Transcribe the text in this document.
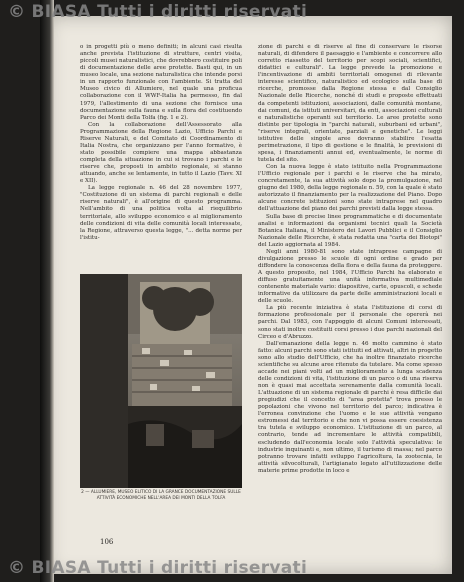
© BIASA Tutti i diritti riservati

o in progetti più o meno definiti; in alcuni casi risulta anche prevista l'istituzione di strutture, centri visita, piccoli musei naturalistici, che dovrebbero costituire poli di documentazione delle aree protette. Basti qui, in un museo locale, una sezione naturalistica che intende porsi in un rapporto funzionale con l'ambiente. Si tratta del Museo civico di Allumiere, nel quale una proficua collaborazione con il WWF-Italia ha permesso, fin dal 1979, l'allestimento di una sezione che fornisce una documentazione sulla fauna e sulla flora del costituendo Parco dei Monti della Tolfa (fig. 1 e 2).

Con la collaborazione dell'Assessorato alla Programmazione della Regione Lazio, Ufficio Parchi e Riserve Naturali, e del Comitato di Coordinamento di Italia Nostra, che organizzano per l'anno formativo, è stato possibile compiere una mappa abbastanza completa della situazione in cui si trovano i parchi e le riserve che, proposti in ambito regionale, si stanno attuando, anche se lentamente, in tutto il Lazio (Tavv. XI e XII).

La legge regionale n. 46 del 28 novembre 1977, "Costituzione di un sistema di parchi regionali e delle riserve naturali", è all'origine di questo programma. Nell'ambito di una politica volta al riequilibrio territoriale, allo sviluppo economico e al miglioramento delle condizioni di vita delle comunità locali interessate, la Regione, attraverso questa legge, "... detta norme per l'istitu-

2 — ALLUMIERE, MUSEO ELITICO DI LA GRANCE DOCUMENTAZIONE SULLE ATTIVITÀ ECONOMICHE NELL'AREA DEI MONTI DELLA TOLFA

zione di parchi e di riserve al fine di conservare le risorse naturali, di difendere il paesaggio e l'ambiente e concorrere allo corretto riassetto del territorio per scopi sociali, scientifici, didattici e culturali". La legge prevede la promozione e l'incentivazione di ambiti territoriali omogenei di rilevante interesse scientifico, naturalistico ed ecologico sulla base di ricerche, promosse dalla Regione stessa e dal Consiglio Nazionale delle Ricerche, nonché di studi e proposte effettuati da competenti istituzioni, associazioni, dalle comunità montane, dai comuni, da istituti universitari, da enti, associazioni culturali e naturalistiche operanti sul territorio. Le aree protette sono distinte per tipologia in "parchi naturali, suburbani ed urbani", "riserve integrali, orientate, parziali e genetiche". Le leggi istitutive delle singole aree dovranno stabilire l'esatta perimetrazione, il tipo di gestione e le finalità, le previsioni di spesa, i finanziamenti annui ed, eventualmente, le norme di tutela del sito.

Con la nuova legge è stato istituito nella Programmazione l'Ufficio regionale per i parchi e le riserve che ha mirato, concretamente, la sua attività solo dopo la promulgazione, nel giugno del 1980, della legge regionale n. 59, con la quale è stato autorizzato il finanziamento per la realizzazione del Piano. Dopo alcune concrete istituzioni sono state intraprese nel quadro dell'attuazione del piano dei parchi previsti dalla legge stessa.

Sulla base di precise linee programmatiche e di documentate analisi e informazioni da organismi tecnici quali la Società Botanica Italiana, il Ministero dei Lavori Pubblici e il Consiglio Nazionale delle Ricerche, è stata redatta una "carta dei Biotopi" del Lazio aggiornata al 1984.

Negli anni 1980-81 sono state intraprese campagne di divulgazione presso le scuole di ogni ordine e grado per diffondere la conoscenza della flora e della fauna da proteggere. A questo proposito, nel 1984, l'Ufficio Parchi ha elaborato e diffuso gratuitamente una unità informativa multimediale contenente materiale vario: diapositive, carte, opuscoli, e schede informative da utilizzare da parte delle amministrazioni locali e delle scuole.

La più recente iniziativa è stata l'istituzione di corsi di formazione professionale per il personale che opererà nei parchi. Dal 1983, con l'appoggio di alcuni Comuni interessati, sono stati inoltre costituiti corsi presso i due parchi nazionali del Circeo e d'Abruzzo.

Dall'emanazione della legge n. 46 molto cammino è stato fatto: alcuni parchi sono stati istituiti ed attivati, altri in progetto sono allo studio dell'Ufficio, che ha inoltre finanziato ricerche scientifiche su alcune aree ritenute da tutelare. Ma come spesso accade nei piani volti ad un miglioramento a lunga scadenza delle condizioni di vita, l'istituzione di un parco o di una riserva non è quasi mai accettata serenamente dalla comunità locali. L'attuazione di un sistema regionale di parchi è resa difficile dai pregiudizi che il concetto di "area protetta" trova presso le popolazioni che vivono nel territorio del parco; indicativa è l'erronea convinzione che l'uomo e le sue attività vengano estromessi dal territorio e che non vi possa essere coesistenza tra tutela e sviluppo economico. L'istituzione di un parco, al contrario, tende ad incrementare le attività compatibili, escludendo dall'economia locale solo l'attività speculativa: le industrie inquinanti e, non ultimo, il turismo di massa; nel parco potranno trovare infatti sviluppo l'agricoltura, la zootecnia, le attività silvocolturali, l'artigianato legato all'utilizzazione delle materie prime prodotte in loco e

106
© BIASA Tutti i diritti riservati
